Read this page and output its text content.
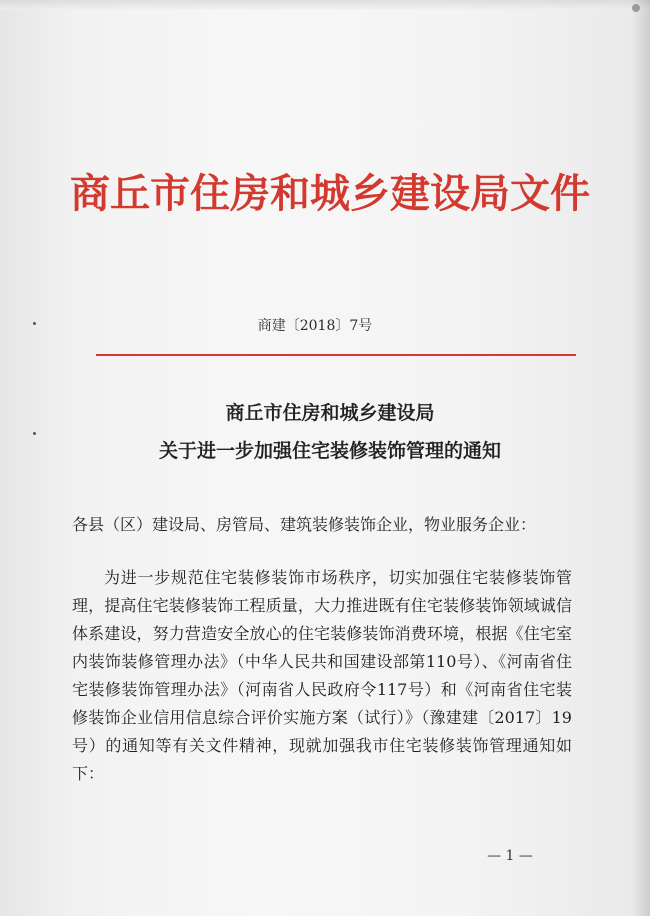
商丘市住房和城乡建设局文件
商建〔2018〕7号
商丘市住房和城乡建设局
关于进一步加强住宅装修装饰管理的通知
各县（区）建设局、房管局、建筑装修装饰企业，物业服务企业：
为进一步规范住宅装修装饰市场秩序，切实加强住宅装修装饰管理，提高住宅装修装饰工程质量，大力推进既有住宅装修装饰领域诚信体系建设，努力营造安全放心的住宅装修装饰消费环境，根据《住宅室内装饰装修管理办法》（中华人民共和国建设部第110号）、《河南省住宅装修装饰管理办法》（河南省人民政府令117号）和《河南省住宅装修装饰企业信用信息综合评价实施方案（试行）》（豫建建〔2017〕19号）的通知等有关文件精神，现就加强我市住宅装修装饰管理通知如下：
— 1 —
